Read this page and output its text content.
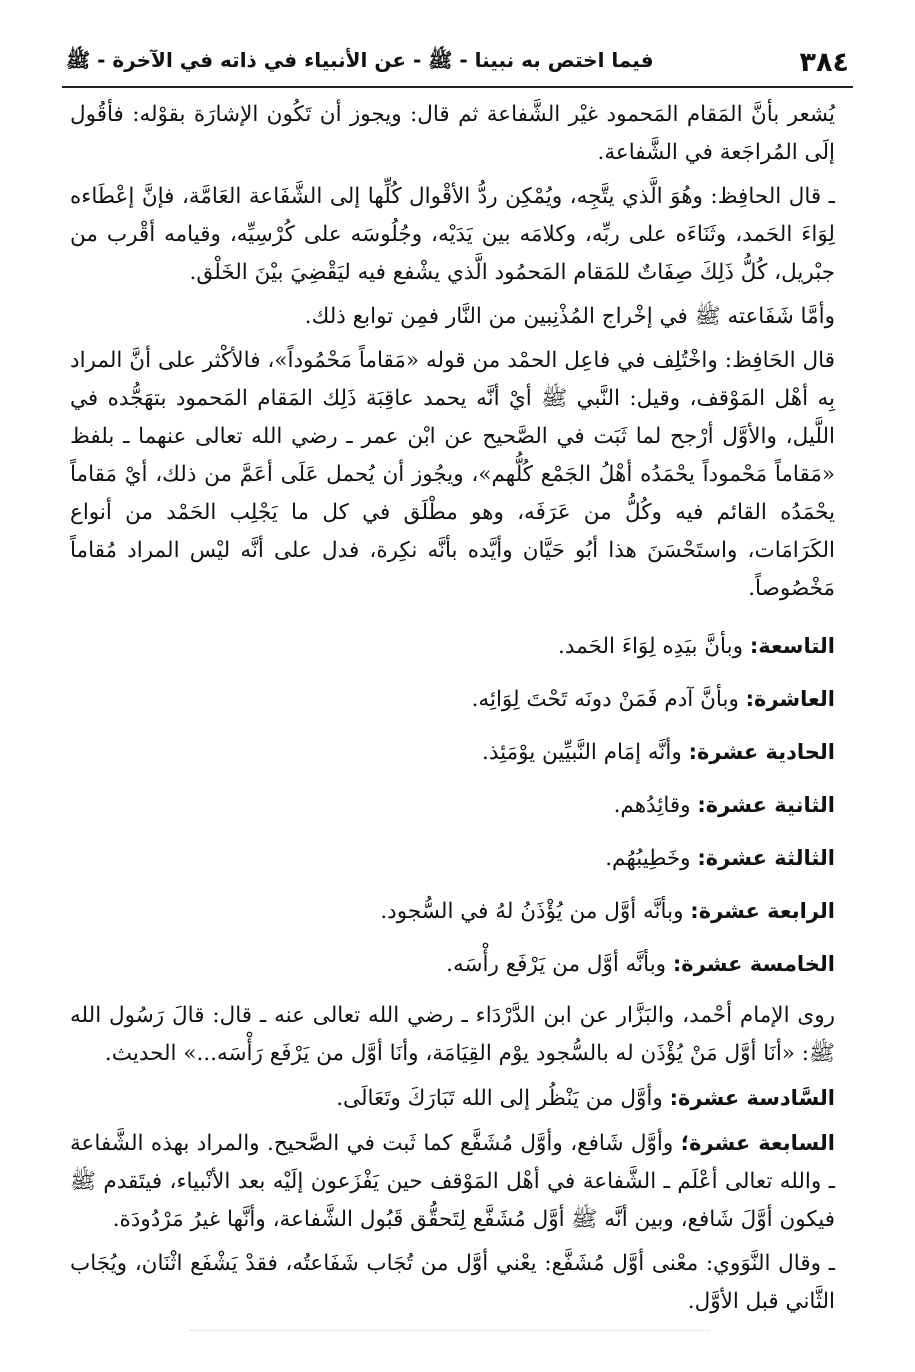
٣٨٤
فيما اختص به نبينا - ﷺ - عن الأنبياء في ذاته في الآخرة - ﷺ

يُشعر بأنَّ المَقام المَحمود غيْر الشَّفاعة ثم قال: ويجوز أن تَكُون الإشارَة بقوْله: فأقُول إلَى المُراجَعة في الشَّفاعة.

ـ قال الحافِظ: وهُوَ الَّذي يتَّجِه، ويُمْكِن ردُّ الأقْوال كُلِّها إلى الشَّفَاعة العَامَّة، فإنَّ إعْطَاءه لِوَاءَ الحَمد، وثَنَاءَه على ربِّه، وكلامَه بين يَدَيْه، وجُلُوسَه على كُرْسِيِّه، وقيامه أقْرب من جبْريل، كُلُّ ذَلِكَ صِفَاتٌ للمَقام المَحمُود الَّذي يشْفع فيه ليَقْضِيَ بيْنَ الخَلْق.

وأمَّا شَفَاعته ﷺ في إخْراج المُذْنِبين من النَّار فمِن توابع ذلك.

قال الحَافِظ: واخْتُلِف في فاعِل الحمْد من قوله «مَقاماً مَحْمُوداً»، فالأكْثر على أنَّ المراد بِه أهْل المَوْقف، وقيل: النَّبي ﷺ أيْ أنَّه يحمد عاقِبَة ذَلِك المَقام المَحمود بتهَجُّده في اللَّيل، والأوَّل أرْجح لما ثَبَت في الصَّحيح عن ابْن عمر ـ رضي الله تعالى عنهما ـ بلفظ «مَقاماً مَحْموداً يحْمَدُه أهْلُ الجَمْع كُلُّهم»، ويجُوز أن يُحمل عَلَى أعَمَّ من ذلك، أيْ مَقاماً يحْمَدُه القائم فيه وكُلُّ من عَرَفَه، وهو مطْلَق في كل ما يَجْلِب الحَمْد من أنواع الكَرَامَات، واستَحْسَنَ هذا أبُو حَيَّان وأيَّده بأنَّه نكِرة، فدل على أنَّه ليْس المراد مُقاماً مَخْصُوصاً.

التاسعة: وبأنَّ بيَدِه لِوَاءَ الحَمد.

العاشرة: وبأنَّ آدم فَمَنْ دونَه تَحْتَ لِوَائِه.

الحادية عشرة: وأنَّه إمَام النَّبيِّين يوْمَئِذ.

الثانية عشرة: وقائِدُهم.

الثالثة عشرة: وخَطِيبُهُم.

الرابعة عشرة: وبأنَّه أوَّل من يُؤْذَنُ لهُ في السُّجود.

الخامسة عشرة: وبأنَّه أوَّل من يَرْفَع رأْسَه.

روى الإمام أحْمد، والبَزَّار عن ابن الدَّرْدَاء ـ رضي الله تعالى عنه ـ قال: قالَ رَسُول الله ﷺ: «أنَا أوَّل مَنْ يُؤْذَن له بالسُّجود يوْم القِيَامَة، وأنَا أوَّل من يَرْفَع رَأْسَه...» الحديث.

السَّادسة عشرة: وأوَّل من يَنْظُر إلى الله تَبَارَكَ وتَعَالَى.

السابعة عشرة؛ وأوَّل شَافع، وأوَّل مُشَفَّع كما ثَبت في الصَّحيح. والمراد بهذه الشَّفاعة ـ والله تعالى أعْلَم ـ الشَّفاعة في أهْل المَوْقف حين يَفْزَعون إلَيْه بعد الأنْبياء، فيتَقدم ﷺ فيكون أوَّلَ شَافع، وبين أنَّه ﷺ أوَّل مُشَفَّع لِتَحقُّق قَبُول الشَّفاعة، وأنَّها غيرُ مَرْدُودَة.

ـ وقال النَّوَوي: معْنى أوَّل مُشَفَّع: يعْني أوَّل من تُجَاب شَفَاعتُه، فقدْ يَشْفَع اثْنَان، ويُجَاب الثَّاني قبل الأوَّل.
